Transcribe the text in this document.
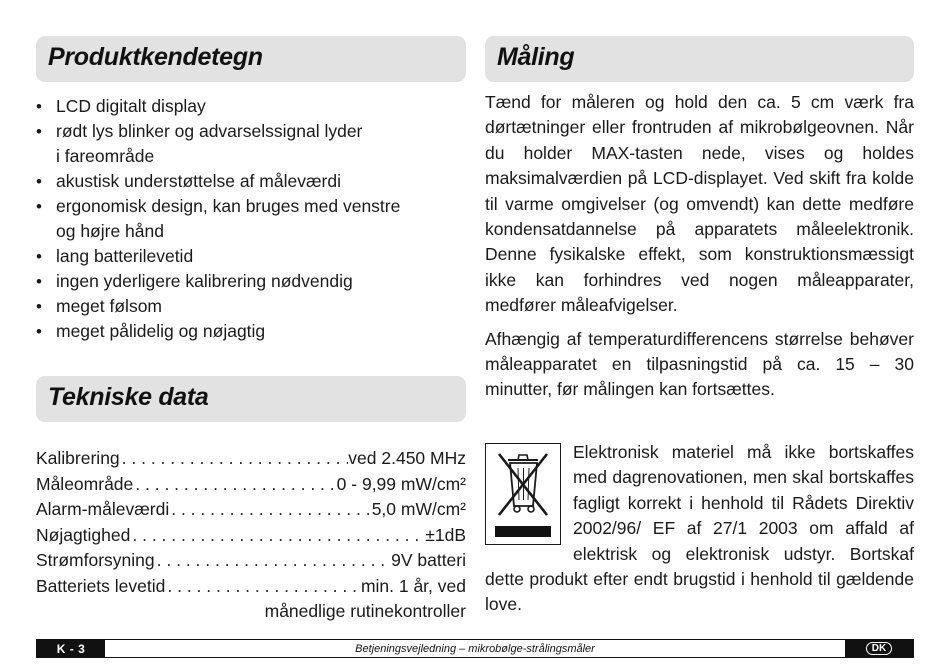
Produktkendetegn
• LCD digitalt display
• rødt lys blinker og advarselssignal lyder
i fareområde
• akustisk understøttelse af måleværdi
• ergonomisk design, kan bruges med venstre
og højre hånd
• lang batterilevetid
• ingen yderligere kalibrering nødvendig
• meget følsom
• meget pålidelig og nøjagtig
Tekniske data
Kalibrering . . .	ved 2.450 MHz
Måleområde . . .	0 - 9,99 mW/cm²
Alarm-måleværdi . . .	5,0 mW/cm²
Nøjagtighed . . .	±1dB
Strømforsyning . . .	9V batteri
Batteriets levetid . . .	min. 1 år, ved
månedlige rutinekontroller
Måling

Tænd for måleren og hold den ca. 5 cm værk fra dørtætninger eller frontruden af mikrobølgeovnen. Når du holder MAX-tasten nede, vises og holdes maksimalværdien på LCD-displayet. Ved skift fra kolde til varme omgivelser (og omvendt) kan dette medføre kondensatdannelse på apparatets måleelektronik. Denne fysikalske effekt, som konstruktionsmæssigt ikke kan forhindres ved nogen måleapparater, medfører måleafvigelser.

Afhængig af temperaturdifferencens størrelse behøver måleapparatet en tilpasningstid på ca. 15 – 30 minutter, før målingen kan fortsættes.

Elektronisk materiel må ikke bortskaffes med dagrenovationen, men skal bortskaffes fagligt korrekt i henhold til Rådets Direktiv 2002/96/ EF af 27/1 2003 om affald af elektrisk og elektronisk udstyr. Bortskaf dette produkt efter endt brugstid i henhold til gældende love.

K - 3	Betjeningsvejledning – mikrobølge-strålingsmåler	DK
